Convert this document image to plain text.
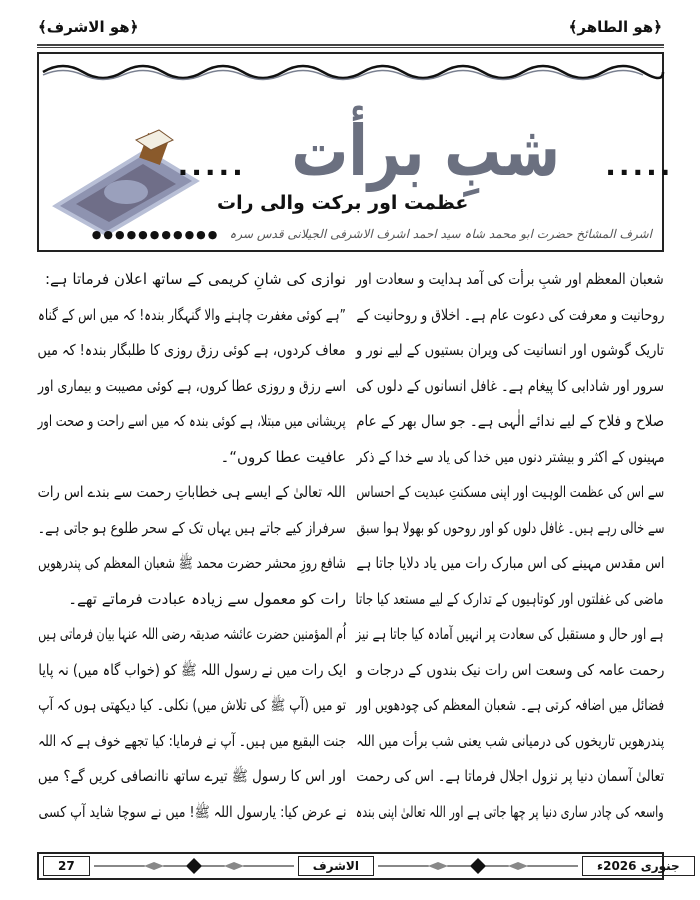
﴿هو الطاهر﴾
﴿هو الاشرف﴾
..... شبِ برأت .....
عظمت اور برکت والی رات
اشرف المشائخ حضرت ابو محمد شاہ سید احمد اشرف الاشرفی الجیلانی قدس سرہ
●●●●●●●●●●●
شعبان المعظم اور شبِ برأت کی آمد ہدایت و سعادت اور
روحانیت و معرفت کی دعوت عام ہے۔ اخلاق و روحانیت کے
تاریک گوشوں اور انسانیت کی ویران بستیوں کے لیے نور و
سرور اور شادابی کا پیغام ہے۔ غافل انسانوں کے دلوں کی
صلاح و فلاح کے لیے ندائے الٰہی ہے۔ جو سال بھر کے عام
مہینوں کے اکثر و بیشتر دنوں میں خدا کی یاد سے خدا کے ذکر
سے اس کی عظمت الوہیت اور اپنی مسکنتِ عبدیت کے احساس
سے خالی رہے ہیں۔ غافل دلوں کو اور روحوں کو بھولا ہوا سبق
اس مقدس مہینے کی اس مبارک رات میں یاد دلایا جاتا ہے
ماضی کی غفلتوں اور کوتاہیوں کے تدارک کے لیے مستعد کیا جاتا
ہے اور حال و مستقبل کی سعادت پر انہیں آمادہ کیا جاتا ہے نیز
رحمت عامہ کی وسعت اس رات نیک بندوں کے درجات و
فضائل میں اضافہ کرتی ہے۔ شعبان المعظم کی چودھویں اور
پندرھویں تاریخوں کی درمیانی شب یعنی شب برأت میں اللہ
تعالیٰ آسمان دنیا پر نزول اجلال فرماتا ہے۔ اس کی رحمت
واسعہ کی چادر ساری دنیا پر چھا جاتی ہے اور اللہ تعالیٰ اپنی بندہ
نوازی کی شانِ کریمی کے ساتھ اعلان فرماتا ہے:
”ہے کوئی مغفرت چاہنے والا گنہگار بندہ! کہ میں اس کے گناہ
معاف کردوں، ہے کوئی رزق روزی کا طلبگار بندہ! کہ میں
اسے رزق و روزی عطا کروں، ہے کوئی مصیبت و بیماری اور
پریشانی میں مبتلا، ہے کوئی بندہ کہ میں اسے راحت و صحت اور
عافیت عطا کروں“۔
اللہ تعالیٰ کے ایسے ہی خطاباتِ رحمت سے بندے اس رات
سرفراز کیے جاتے ہیں یہاں تک کے سحر طلوع ہو جاتی ہے۔
شافع روزِ محشر حضرت محمد ﷺ شعبان المعظم کی پندرھویں
رات کو معمول سے زیادہ عبادت فرماتے تھے۔
اُم المؤمنین حضرت عائشہ صدیقہ رضی اللہ عنہا بیان فرماتی ہیں
ایک رات میں نے رسول اللہ ﷺ کو (خواب گاہ میں) نہ پایا
تو میں (آپ ﷺ کی تلاش میں) نکلی۔ کیا دیکھتی ہوں کہ آپ
جنت البقیع میں ہیں۔ آپ نے فرمایا: کیا تجھے خوف ہے کہ اللہ
اور اس کا رسول ﷺ تیرے ساتھ ناانصافی کریں گے؟ میں
نے عرض کیا: یارسول اللہ ﷺ! میں نے سوچا شاید آپ کسی
27	الاشرف	جنوری 2026ء
